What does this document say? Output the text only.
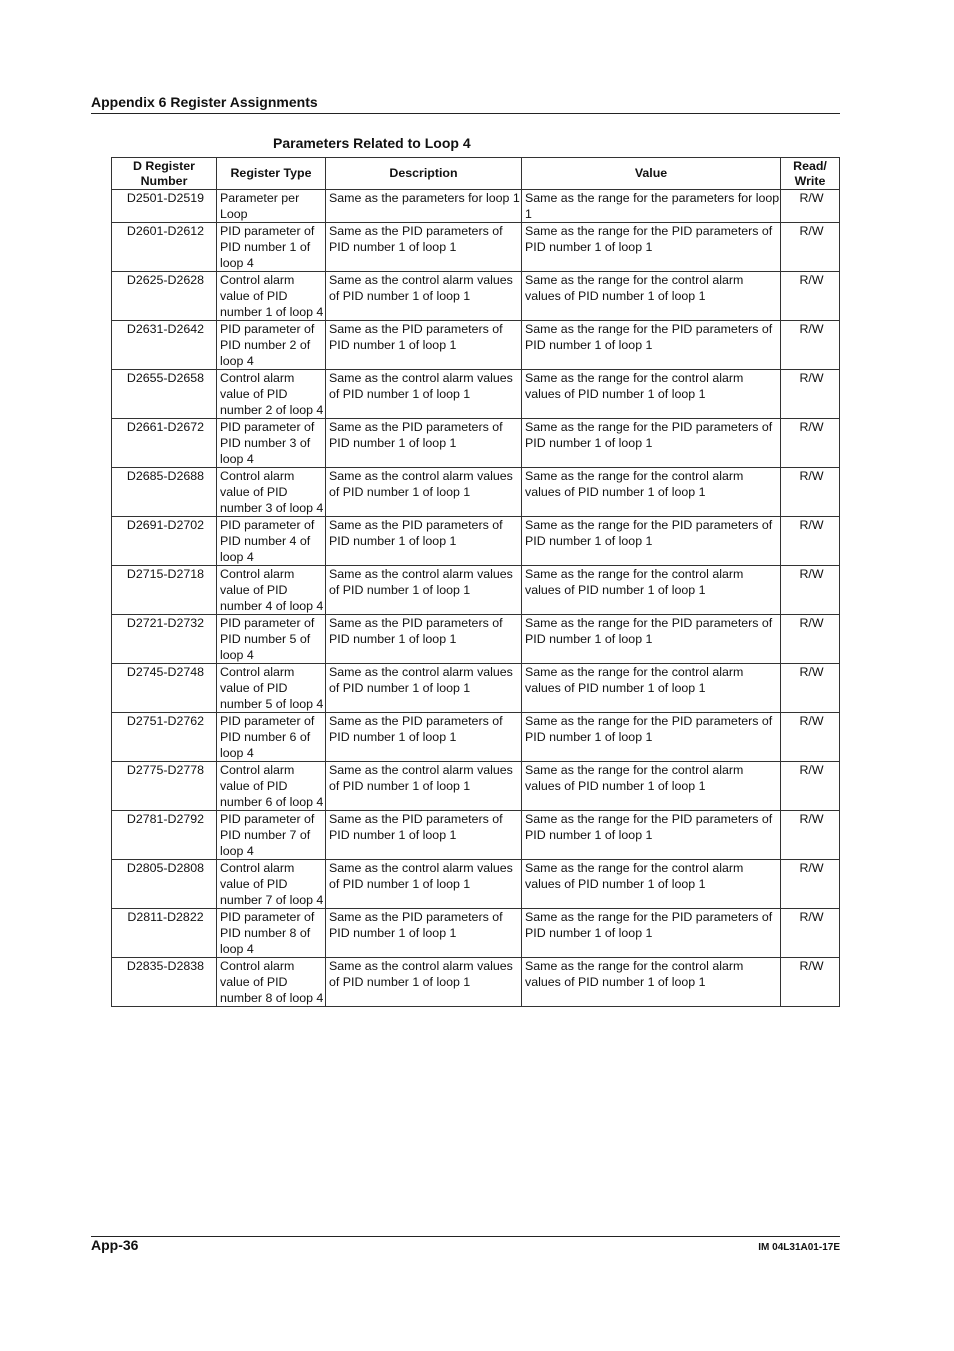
Appendix 6 Register Assignments
Parameters Related to Loop 4
D Register Number	Register Type	Description	Value	Read/ Write
D2501-D2519	Parameter per Loop	Same as the parameters for loop 1	Same as the range for the parameters for loop 1	R/W
D2601-D2612	PID parameter of PID number 1 of loop 4	Same as the PID parameters of PID number 1 of loop 1	Same as the range for the PID parameters of PID number 1 of loop 1	R/W
D2625-D2628	Control alarm value of PID number 1 of loop 4	Same as the control alarm values of PID number 1 of loop 1	Same as the range for the control alarm values of PID number 1 of loop 1	R/W
D2631-D2642	PID parameter of PID number 2 of loop 4	Same as the PID parameters of PID number 1 of loop 1	Same as the range for the PID parameters of PID number 1 of loop 1	R/W
D2655-D2658	Control alarm value of PID number 2 of loop 4	Same as the control alarm values of PID number 1 of loop 1	Same as the range for the control alarm values of PID number 1 of loop 1	R/W
D2661-D2672	PID parameter of PID number 3 of loop 4	Same as the PID parameters of PID number 1 of loop 1	Same as the range for the PID parameters of PID number 1 of loop 1	R/W
D2685-D2688	Control alarm value of PID number 3 of loop 4	Same as the control alarm values of PID number 1 of loop 1	Same as the range for the control alarm values of PID number 1 of loop 1	R/W
D2691-D2702	PID parameter of PID number 4 of loop 4	Same as the PID parameters of PID number 1 of loop 1	Same as the range for the PID parameters of PID number 1 of loop 1	R/W
D2715-D2718	Control alarm value of PID number 4 of loop 4	Same as the control alarm values of PID number 1 of loop 1	Same as the range for the control alarm values of PID number 1 of loop 1	R/W
D2721-D2732	PID parameter of PID number 5 of loop 4	Same as the PID parameters of PID number 1 of loop 1	Same as the range for the PID parameters of PID number 1 of loop 1	R/W
D2745-D2748	Control alarm value of PID number 5 of loop 4	Same as the control alarm values of PID number 1 of loop 1	Same as the range for the control alarm values of PID number 1 of loop 1	R/W
D2751-D2762	PID parameter of PID number 6 of loop 4	Same as the PID parameters of PID number 1 of loop 1	Same as the range for the PID parameters of PID number 1 of loop 1	R/W
D2775-D2778	Control alarm value of PID number 6 of loop 4	Same as the control alarm values of PID number 1 of loop 1	Same as the range for the control alarm values of PID number 1 of loop 1	R/W
D2781-D2792	PID parameter of PID number 7 of loop 4	Same as the PID parameters of PID number 1 of loop 1	Same as the range for the PID parameters of PID number 1 of loop 1	R/W
D2805-D2808	Control alarm value of PID number 7 of loop 4	Same as the control alarm values of PID number 1 of loop 1	Same as the range for the control alarm values of PID number 1 of loop 1	R/W
D2811-D2822	PID parameter of PID number 8 of loop 4	Same as the PID parameters of PID number 1 of loop 1	Same as the range for the PID parameters of PID number 1 of loop 1	R/W
D2835-D2838	Control alarm value of PID number 8 of loop 4	Same as the control alarm values of PID number 1 of loop 1	Same as the range for the control alarm values of PID number 1 of loop 1	R/W
App-36	IM 04L31A01-17E
